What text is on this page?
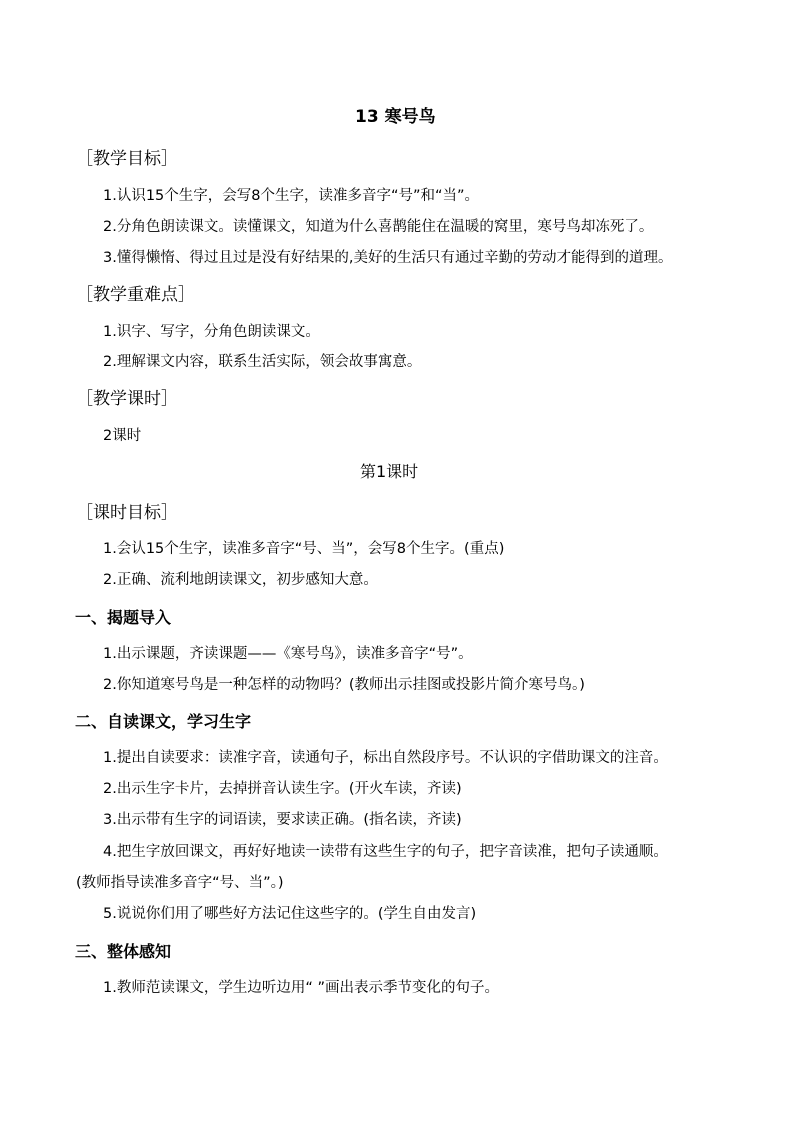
13 寒号鸟
［教学目标］
1.认识15个生字，会写8个生字，读准多音字“号”和“当”。
2.分角色朗读课文。读懂课文，知道为什么喜鹊能住在温暖的窝里，寒号鸟却冻死了。
3.懂得懒惰、得过且过是没有好结果的,美好的生活只有通过辛勤的劳动才能得到的道理。
［教学重难点］
1.识字、写字，分角色朗读课文。
2.理解课文内容，联系生活实际，领会故事寓意。
［教学课时］
2课时
第1课时
［课时目标］
1.会认15个生字，读准多音字“号、当”，会写8个生字。(重点)
2.正确、流利地朗读课文，初步感知大意。
一、揭题导入
1.出示课题，齐读课题——《寒号鸟》，读准多音字“号”。
2.你知道寒号鸟是一种怎样的动物吗？(教师出示挂图或投影片简介寒号鸟。)
二、自读课文，学习生字
1.提出自读要求：读准字音，读通句子，标出自然段序号。不认识的字借助课文的注音。
2.出示生字卡片，去掉拼音认读生字。(开火车读，齐读)
3.出示带有生字的词语读，要求读正确。(指名读，齐读)
4.把生字放回课文，再好好地读一读带有这些生字的句子，把字音读准，把句子读通顺。
(教师指导读准多音字“号、当”。)
5.说说你们用了哪些好方法记住这些字的。(学生自由发言)
三、整体感知
1.教师范读课文，学生边听边用“ ”画出表示季节变化的句子。
